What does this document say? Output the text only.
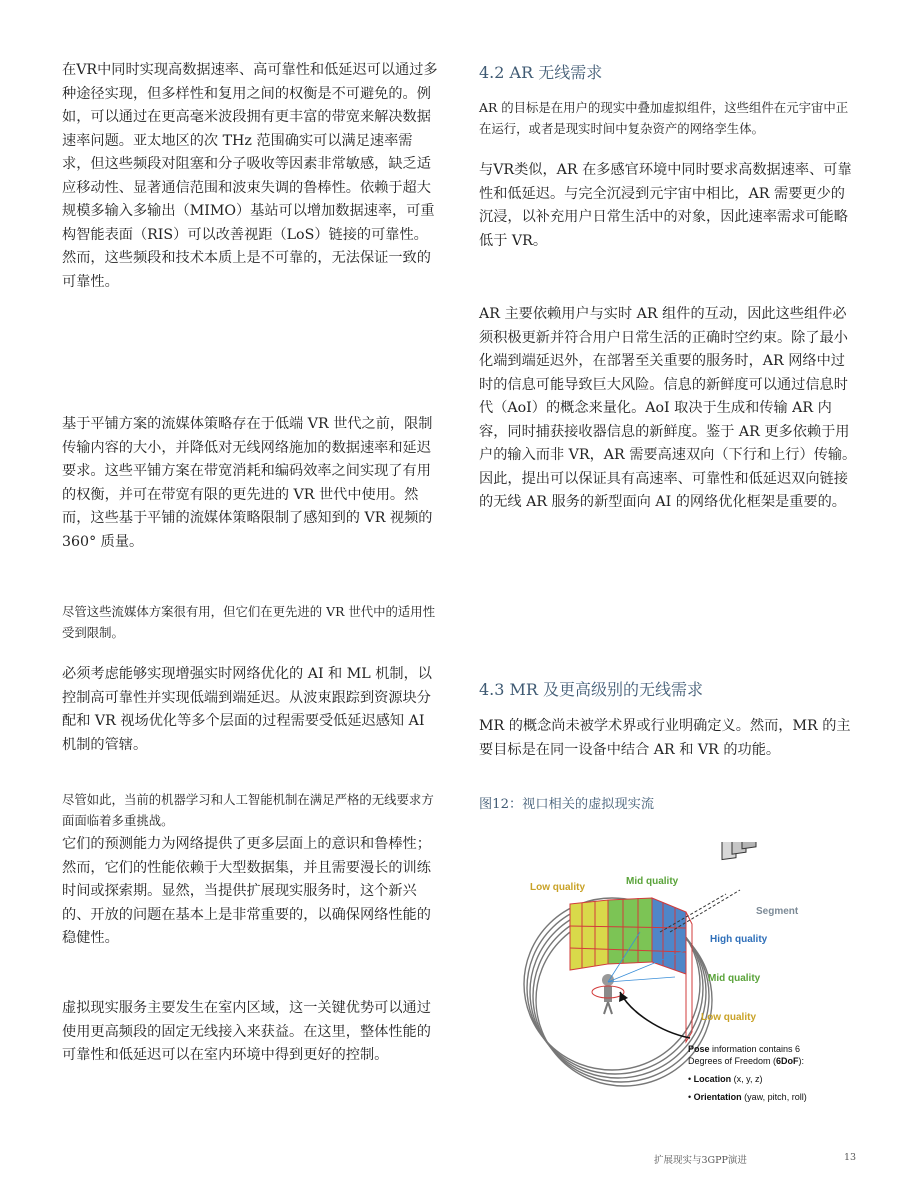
在VR中同时实现高数据速率、高可靠性和低延迟可以通过多种途径实现，但多样性和复用之间的权衡是不可避免的。例如，可以通过在更高毫米波段拥有更丰富的带宽来解决数据速率问题。亚太地区的次 THz 范围确实可以满足速率需求，但这些频段对阻塞和分子吸收等因素非常敏感，缺乏适应移动性、显著通信范围和波束失调的鲁棒性。依赖于超大规模多输入多输出（MIMO）基站可以增加数据速率，可重构智能表面（RIS）可以改善视距（LoS）链接的可靠性。然而，这些频段和技术本质上是不可靠的，无法保证一致的可靠性。

基于平铺方案的流媒体策略存在于低端 VR 世代之前，限制传输内容的大小，并降低对无线网络施加的数据速率和延迟要求。这些平铺方案在带宽消耗和编码效率之间实现了有用的权衡，并可在带宽有限的更先进的 VR 世代中使用。然而，这些基于平铺的流媒体策略限制了感知到的 VR 视频的 360° 质量。

尽管这些流媒体方案很有用，但它们在更先进的 VR 世代中的适用性受到限制。

必须考虑能够实现增强实时网络优化的 AI 和 ML 机制，以控制高可靠性并实现低端到端延迟。从波束跟踪到资源块分配和 VR 视场优化等多个层面的过程需要受低延迟感知 AI 机制的管辖。

尽管如此，当前的机器学习和人工智能机制在满足严格的无线要求方面面临着多重挑战。

它们的预测能力为网络提供了更多层面上的意识和鲁棒性；然而，它们的性能依赖于大型数据集，并且需要漫长的训练时间或探索期。显然，当提供扩展现实服务时，这个新兴的、开放的问题在基本上是非常重要的，以确保网络性能的稳健性。

虚拟现实服务主要发生在室内区域，这一关键优势可以通过使用更高频段的固定无线接入来获益。在这里，整体性能的可靠性和低延迟可以在室内环境中得到更好的控制。

4.2 AR 无线需求

AR 的目标是在用户的现实中叠加虚拟组件，这些组件在元宇宙中正在运行，或者是现实时间中复杂资产的网络孪生体。

与VR类似，AR 在多感官环境中同时要求高数据速率、可靠性和低延迟。与完全沉浸到元宇宙中相比，AR 需要更少的沉浸，以补充用户日常生活中的对象，因此速率需求可能略低于 VR。

AR 主要依赖用户与实时 AR 组件的互动，因此这些组件必须积极更新并符合用户日常生活的正确时空约束。除了最小化端到端延迟外，在部署至关重要的服务时，AR 网络中过时的信息可能导致巨大风险。信息的新鲜度可以通过信息时代（AoI）的概念来量化。AoI 取决于生成和传输 AR 内容，同时捕获接收器信息的新鲜度。鉴于 AR 更多依赖于用户的输入而非 VR，AR 需要高速双向（下行和上行）传输。因此，提出可以保证具有高速率、可靠性和低延迟双向链接的无线 AR 服务的新型面向 AI 的网络优化框架是重要的。

4.3 MR 及更高级别的无线需求

MR 的概念尚未被学术界或行业明确定义。然而，MR 的主要目标是在同一设备中结合 AR 和 VR 的功能。

图12：视口相关的虚拟现实流

Low quality
Mid quality
Segment
High quality
Mid quality
Low quality
Pose information contains 6
Degrees of Freedom (6DoF):
• Location (x, y, z)
• Orientation (yaw, pitch, roll)
扩展现实与3GPP演进	13
